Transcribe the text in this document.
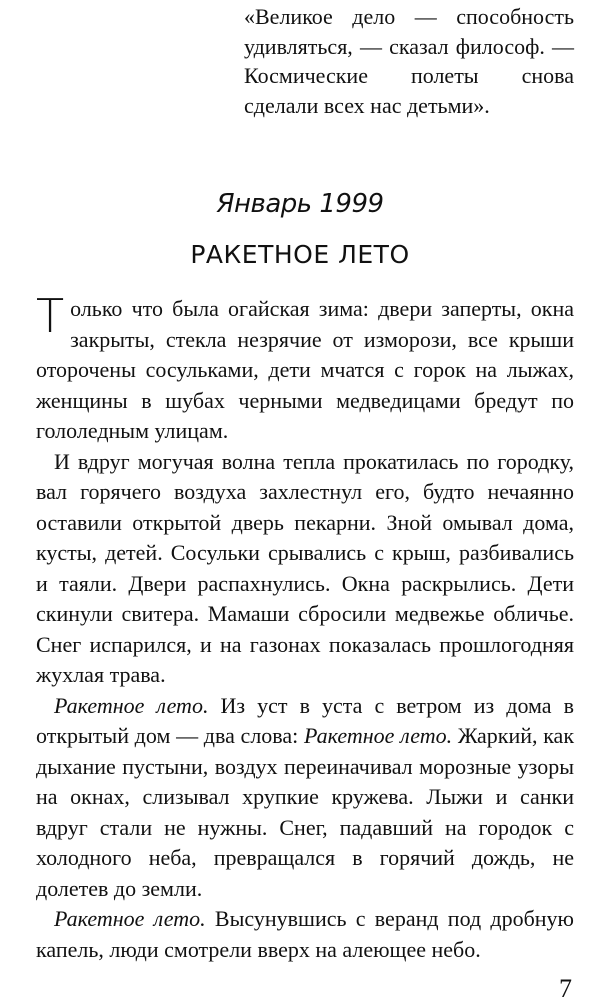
«Великое дело — способность удивляться, — сказал философ. — Космические полеты снова сделали всех нас детьми».

Январь 1999
РАКЕТНОЕ ЛЕТО

Только что была огайская зима: двери заперты, окна закрыты, стекла незрячие от изморози, все крыши оторочены сосульками, дети мчатся с горок на лыжах, женщины в шубах черными медведицами бредут по гололедным улицам.

И вдруг могучая волна тепла прокатилась по городку, вал горячего воздуха захлестнул его, будто нечаянно оставили открытой дверь пекарни. Зной омывал дома, кусты, детей. Сосульки срывались с крыш, разбивались и таяли. Двери распахнулись. Окна раскрылись. Дети скинули свитера. Мамаши сбросили медвежье обличье. Снег испарился, и на газонах показалась прошлогодняя жухлая трава.

Ракетное лето. Из уст в уста с ветром из дома в открытый дом — два слова: Ракетное лето. Жаркий, как дыхание пустыни, воздух переиначивал морозные узоры на окнах, слизывал хрупкие кружева. Лыжи и санки вдруг стали не нужны. Снег, падавший на городок с холодного неба, превращался в горячий дождь, не долетев до земли.

Ракетное лето. Высунувшись с веранд под дробную капель, люди смотрели вверх на алеющее небо.

7
